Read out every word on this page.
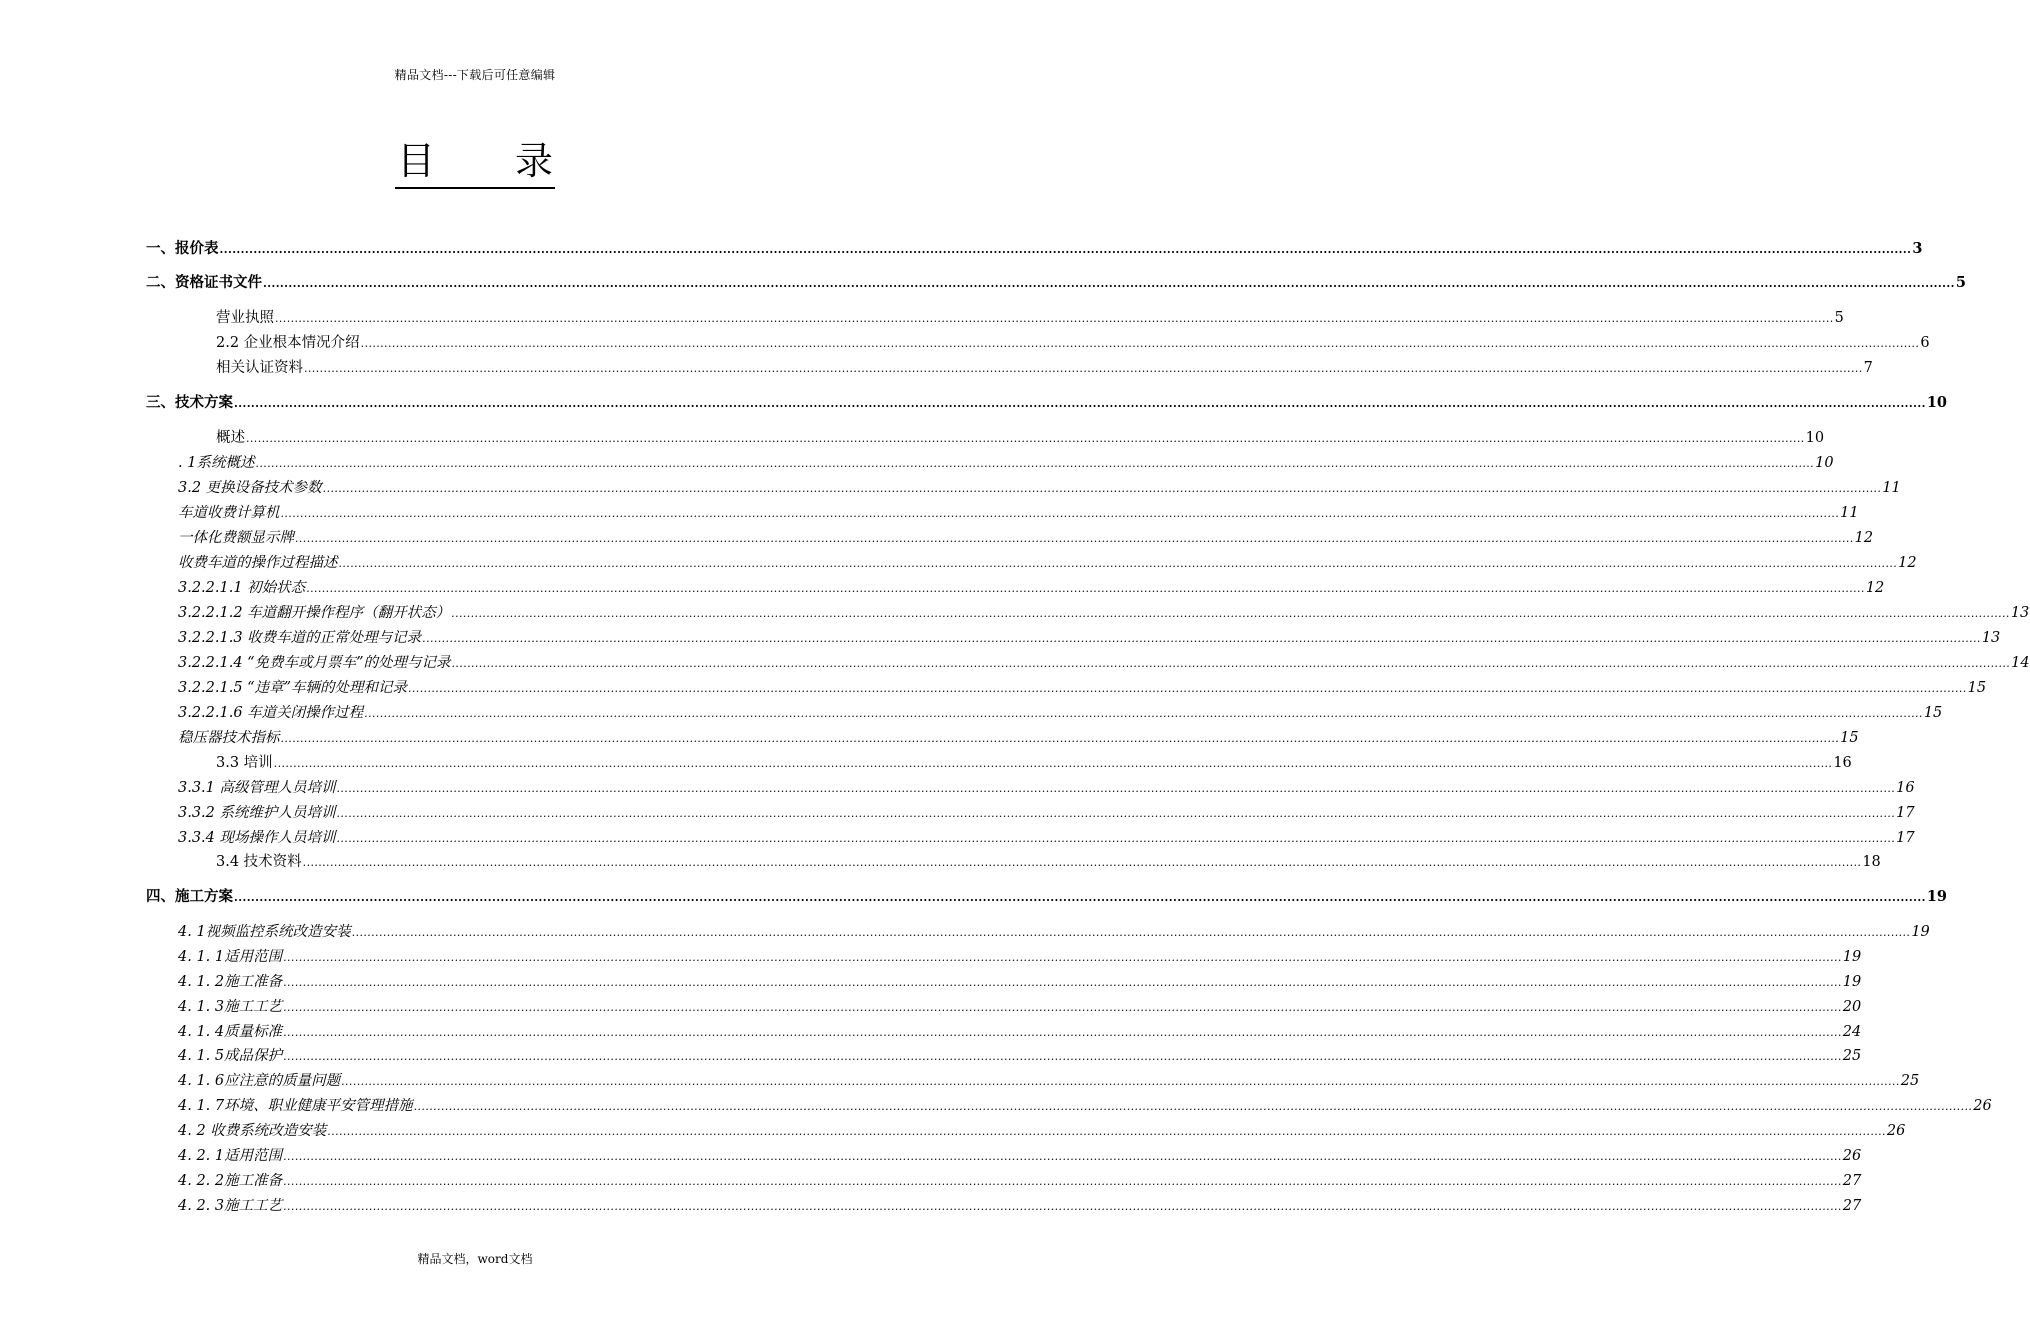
精品文档---下载后可任意编辑
目 录
一、报价表 ................................................................................................................................................................................................................................................................................................................................................................................................................ 3
二、资格证书文件 ................................................................................................................................................................................................................................................................................................................................................................................................................ 5
营业执照 ................................................................................................................................................................................................................................................................................................................................................................................................................ 5
2.2 企业根本情况介绍 ................................................................................................................................................................................................................................................................................................................................................................................................................ 6
相关认证资料 ................................................................................................................................................................................................................................................................................................................................................................................................................ 7
三、技术方案 ................................................................................................................................................................................................................................................................................................................................................................................................................ 10
概述 ................................................................................................................................................................................................................................................................................................................................................................................................................ 10
. 1系统概述 ................................................................................................................................................................................................................................................................................................................................................................................................................ 10
3.2 更换设备技术参数 ................................................................................................................................................................................................................................................................................................................................................................................................................ 11
车道收费计算机 ................................................................................................................................................................................................................................................................................................................................................................................................................ 11
一体化费额显示牌 ................................................................................................................................................................................................................................................................................................................................................................................................................ 12
收费车道的操作过程描述 ................................................................................................................................................................................................................................................................................................................................................................................................................ 12
3.2.2.1.1 初始状态 ................................................................................................................................................................................................................................................................................................................................................................................................................ 12
3.2.2.1.2 车道翻开操作程序（翻开状态） ................................................................................................................................................................................................................................................................................................................................................................................................................ 13
3.2.2.1.3 收费车道的正常处理与记录 ................................................................................................................................................................................................................................................................................................................................................................................................................ 13
3.2.2.1.4 “免费车或月票车”的处理与记录 ................................................................................................................................................................................................................................................................................................................................................................................................................ 14
3.2.2.1.5 “违章”车辆的处理和记录 ................................................................................................................................................................................................................................................................................................................................................................................................................ 15
3.2.2.1.6 车道关闭操作过程 ................................................................................................................................................................................................................................................................................................................................................................................................................ 15
稳压器技术指标 ................................................................................................................................................................................................................................................................................................................................................................................................................ 15
3.3 培训 ................................................................................................................................................................................................................................................................................................................................................................................................................ 16
3.3.1 高级管理人员培训 ................................................................................................................................................................................................................................................................................................................................................................................................................ 16
3.3.2 系统维护人员培训 ................................................................................................................................................................................................................................................................................................................................................................................................................ 17
3.3.4 现场操作人员培训 ................................................................................................................................................................................................................................................................................................................................................................................................................ 17
3.4 技术资料 ................................................................................................................................................................................................................................................................................................................................................................................................................ 18
四、施工方案 ................................................................................................................................................................................................................................................................................................................................................................................................................ 19
4. 1视频监控系统改造安装 ................................................................................................................................................................................................................................................................................................................................................................................................................ 19
4. 1. 1适用范围 ................................................................................................................................................................................................................................................................................................................................................................................................................ 19
4. 1. 2施工准备 ................................................................................................................................................................................................................................................................................................................................................................................................................ 19
4. 1. 3施工工艺 ................................................................................................................................................................................................................................................................................................................................................................................................................ 20
4. 1. 4质量标准 ................................................................................................................................................................................................................................................................................................................................................................................................................ 24
4. 1. 5成品保护 ................................................................................................................................................................................................................................................................................................................................................................................................................ 25
4. 1. 6应注意的质量问题 ................................................................................................................................................................................................................................................................................................................................................................................................................ 25
4. 1. 7环境、职业健康平安管理措施 ................................................................................................................................................................................................................................................................................................................................................................................................................ 26
4. 2 收费系统改造安装 ................................................................................................................................................................................................................................................................................................................................................................................................................ 26
4. 2. 1适用范围 ................................................................................................................................................................................................................................................................................................................................................................................................................ 26
4. 2. 2施工准备 ................................................................................................................................................................................................................................................................................................................................................................................................................ 27
4. 2. 3施工工艺 ................................................................................................................................................................................................................................................................................................................................................................................................................ 27
精品文档，word文档
